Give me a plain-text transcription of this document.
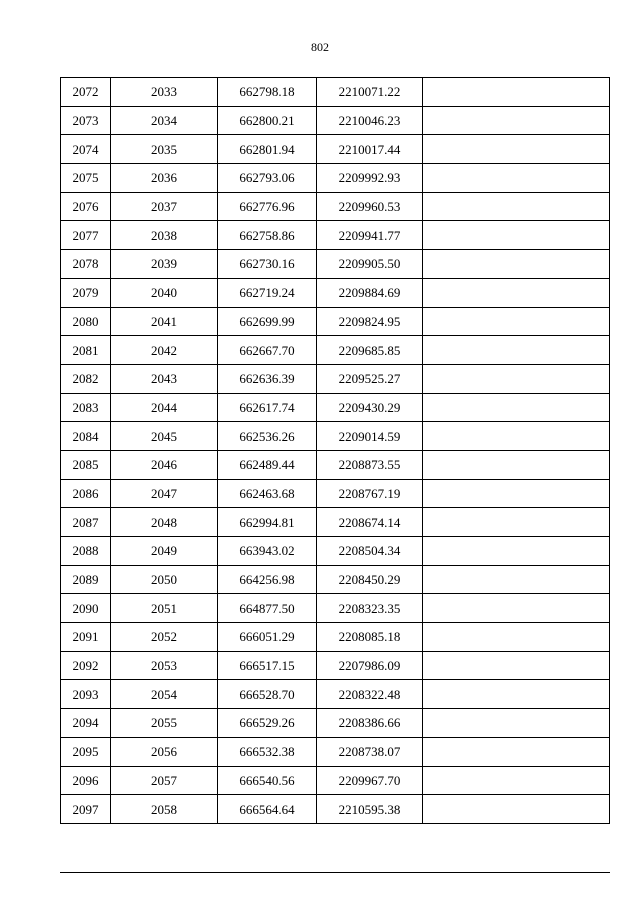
802
2072	2033	662798.18	2210071.22	
2073	2034	662800.21	2210046.23	
2074	2035	662801.94	2210017.44	
2075	2036	662793.06	2209992.93	
2076	2037	662776.96	2209960.53	
2077	2038	662758.86	2209941.77	
2078	2039	662730.16	2209905.50	
2079	2040	662719.24	2209884.69	
2080	2041	662699.99	2209824.95	
2081	2042	662667.70	2209685.85	
2082	2043	662636.39	2209525.27	
2083	2044	662617.74	2209430.29	
2084	2045	662536.26	2209014.59	
2085	2046	662489.44	2208873.55	
2086	2047	662463.68	2208767.19	
2087	2048	662994.81	2208674.14	
2088	2049	663943.02	2208504.34	
2089	2050	664256.98	2208450.29	
2090	2051	664877.50	2208323.35	
2091	2052	666051.29	2208085.18	
2092	2053	666517.15	2207986.09	
2093	2054	666528.70	2208322.48	
2094	2055	666529.26	2208386.66	
2095	2056	666532.38	2208738.07	
2096	2057	666540.56	2209967.70	
2097	2058	666564.64	2210595.38	
